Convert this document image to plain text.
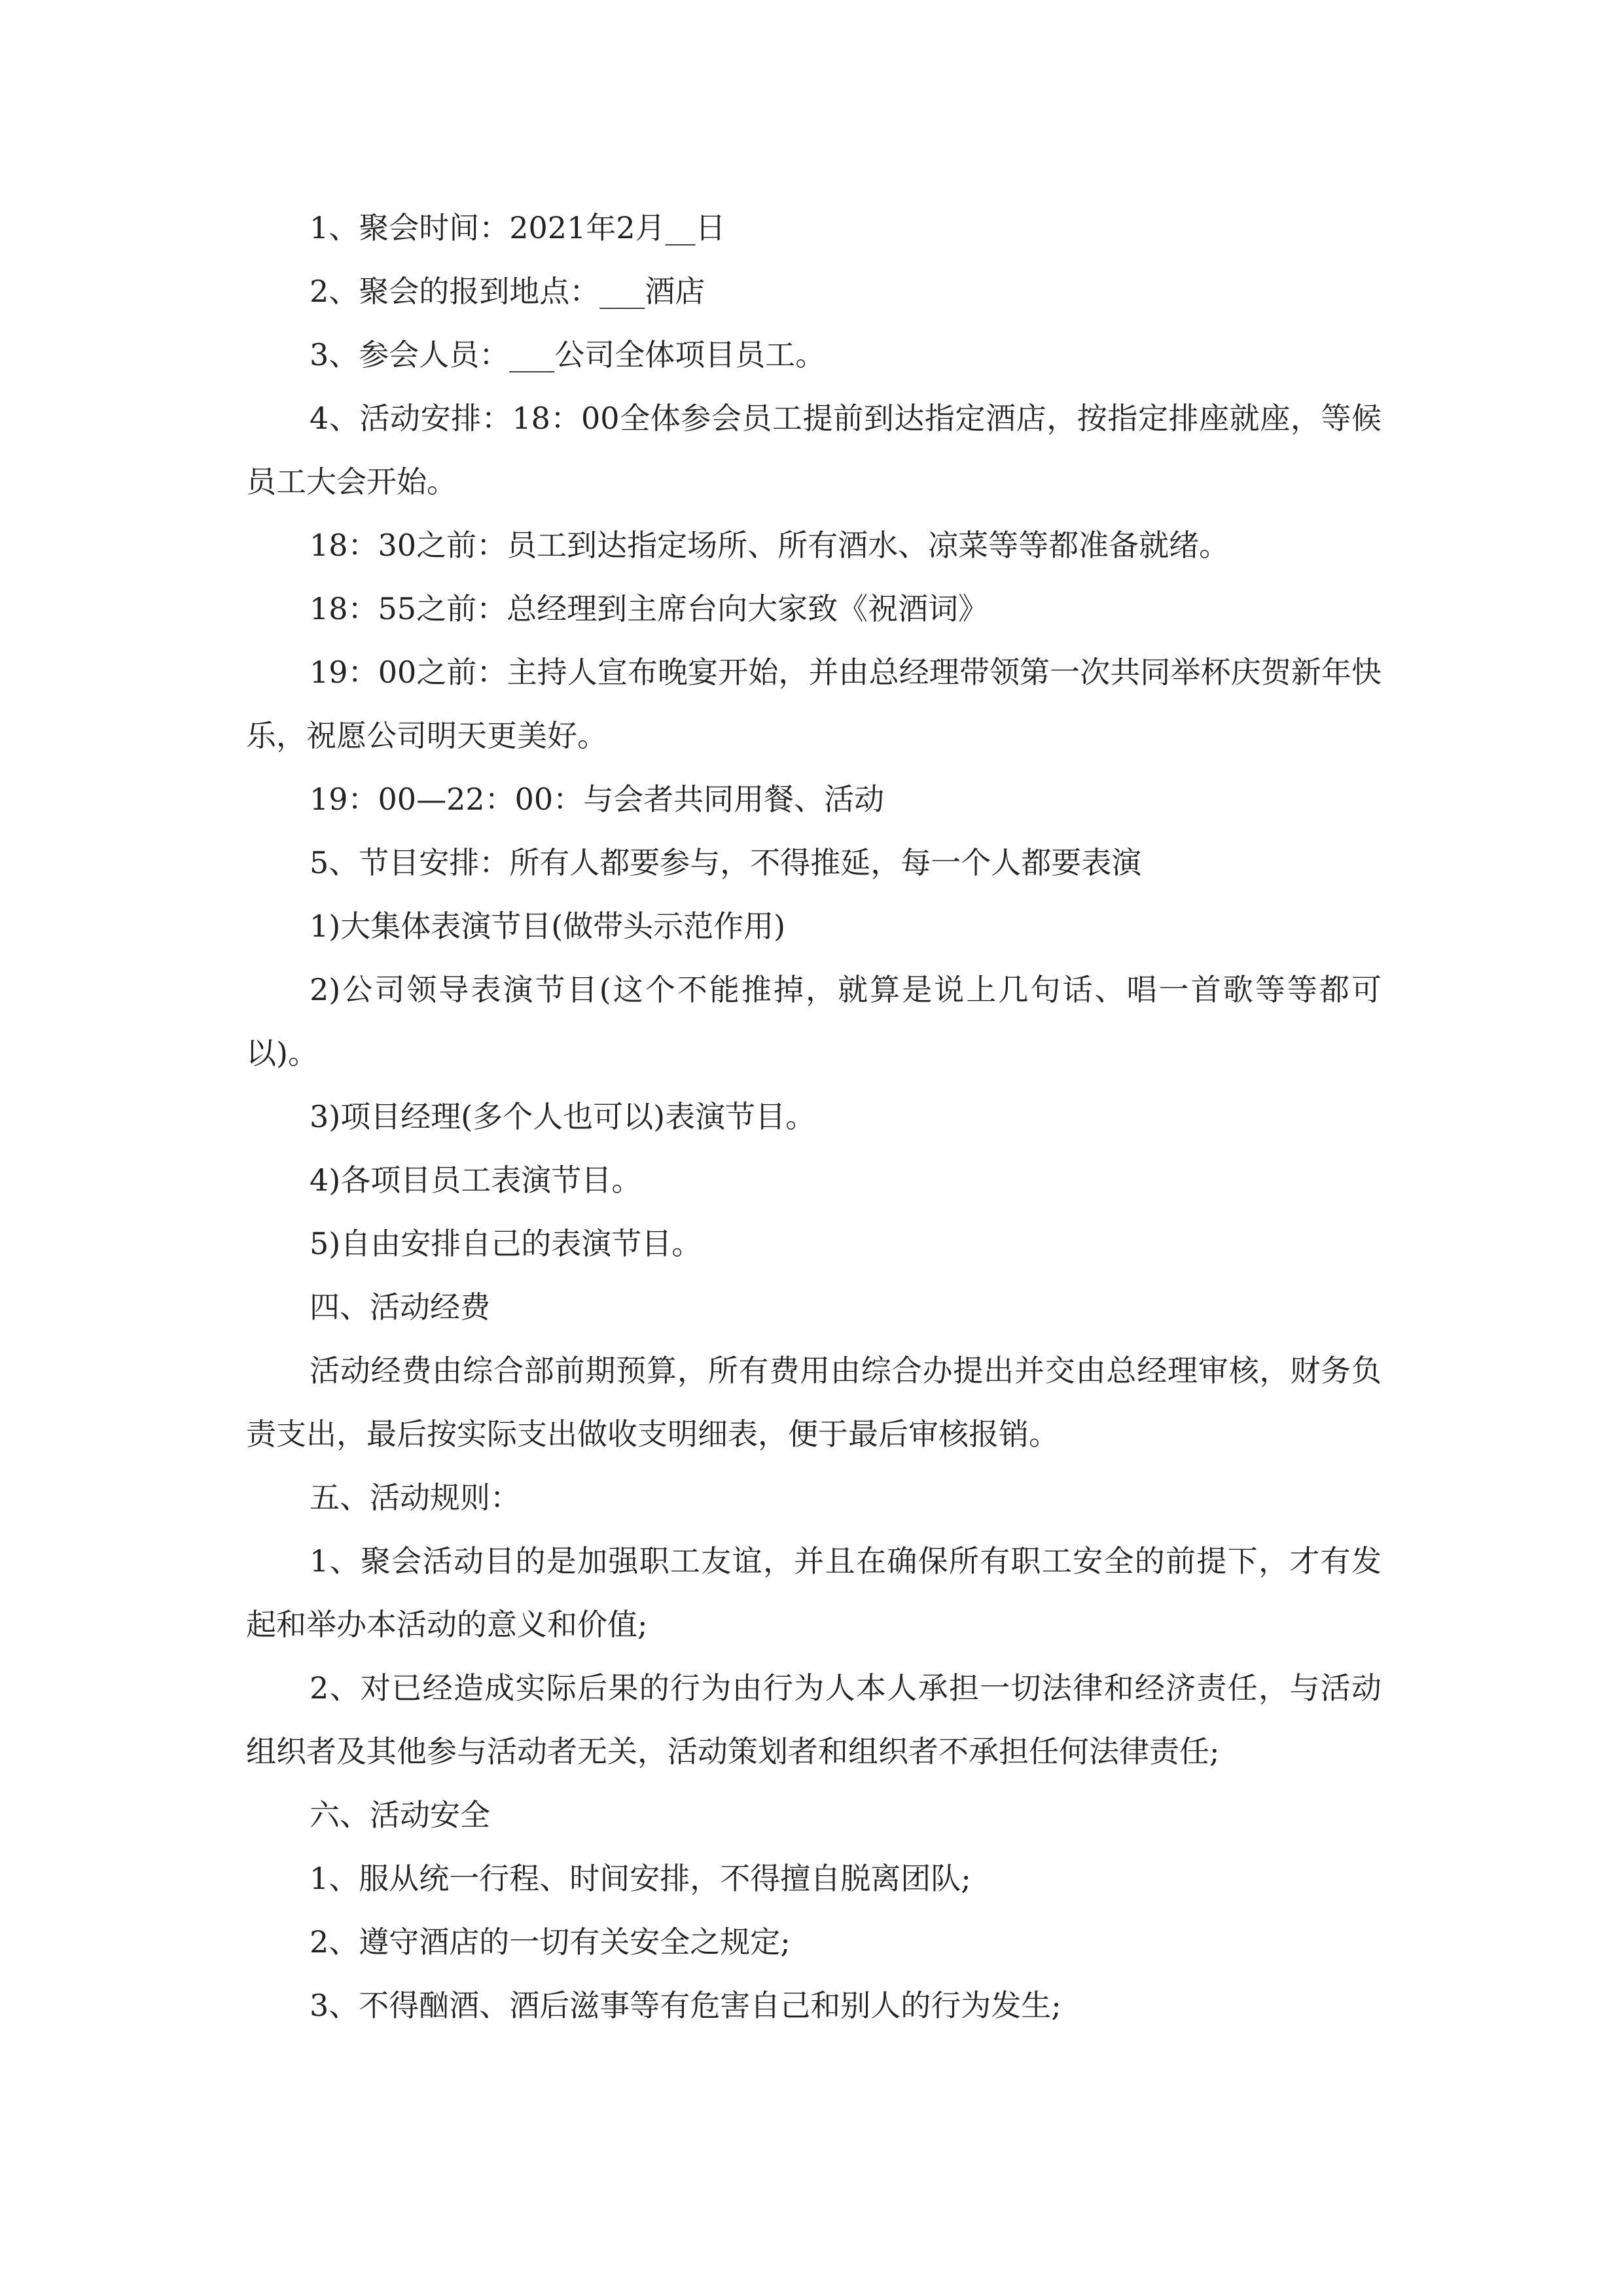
1、聚会时间：2021年2月__日

2、聚会的报到地点：___酒店

3、参会人员：___公司全体项目员工。

4、活动安排：18：00全体参会员工提前到达指定酒店，按指定排座就座，等候员工大会开始。

18：30之前：员工到达指定场所、所有酒水、凉菜等等都准备就绪。

18：55之前：总经理到主席台向大家致《祝酒词》

19：00之前：主持人宣布晚宴开始，并由总经理带领第一次共同举杯庆贺新年快乐，祝愿公司明天更美好。

19：00—22：00：与会者共同用餐、活动

5、节目安排：所有人都要参与，不得推延，每一个人都要表演

1)大集体表演节目(做带头示范作用)

2)公司领导表演节目(这个不能推掉，就算是说上几句话、唱一首歌等等都可以)。

3)项目经理(多个人也可以)表演节目。

4)各项目员工表演节目。

5)自由安排自己的表演节目。

四、活动经费

活动经费由综合部前期预算，所有费用由综合办提出并交由总经理审核，财务负责支出，最后按实际支出做收支明细表，便于最后审核报销。

五、活动规则：

1、聚会活动目的是加强职工友谊，并且在确保所有职工安全的前提下，才有发起和举办本活动的意义和价值;

2、对已经造成实际后果的行为由行为人本人承担一切法律和经济责任，与活动组织者及其他参与活动者无关，活动策划者和组织者不承担任何法律责任;

六、活动安全

1、服从统一行程、时间安排，不得擅自脱离团队;

2、遵守酒店的一切有关安全之规定;

3、不得酗酒、酒后滋事等有危害自己和别人的行为发生;
